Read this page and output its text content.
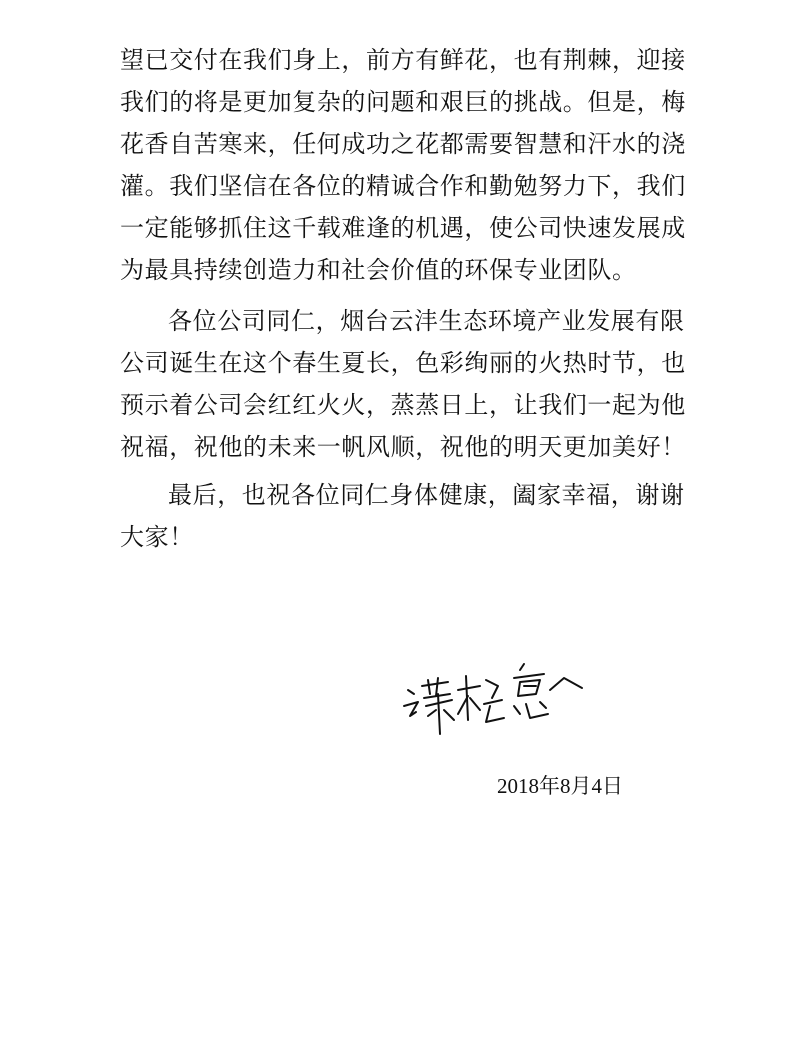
望已交付在我们身上，前方有鲜花，也有荆棘，迎接
我们的将是更加复杂的问题和艰巨的挑战。但是，梅
花香自苦寒来，任何成功之花都需要智慧和汗水的浇
灌。我们坚信在各位的精诚合作和勤勉努力下，我们
一定能够抓住这千载难逢的机遇，使公司快速发展成
为最具持续创造力和社会价值的环保专业团队。
各位公司同仁，烟台云沣生态环境产业发展有限
公司诞生在这个春生夏长，色彩绚丽的火热时节，也
预示着公司会红红火火，蒸蒸日上，让我们一起为他
祝福，祝他的未来一帆风顺，祝他的明天更加美好！
最后，也祝各位同仁身体健康，阖家幸福，谢谢
大家！
2018年8月4日
